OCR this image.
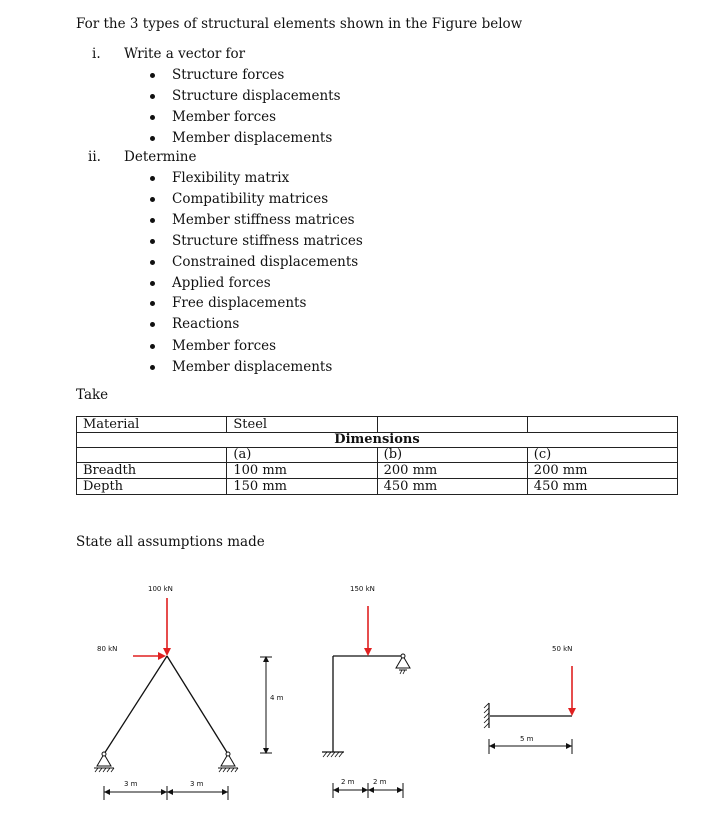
For the 3 types of structural elements shown in the Figure below
i. Write a vector for
Structure forces
Structure displacements
Member forces
Member displacements
ii. Determine
Flexibility matrix
Compatibility matrices
Member stiffness matrices
Structure stiffness matrices
Constrained displacements
Applied forces
Free displacements
Reactions
Member forces
Member displacements
Take
Material	Steel		
Dimensions			
	(a)	(b)	(c)
Breadth	100 mm	200 mm	200 mm
Depth	150 mm	450 mm	450 mm
State all assumptions made
100 kN
80 kN
4 m
3 m	3 m
150 kN
2 m	2 m
50 kN
5 m
